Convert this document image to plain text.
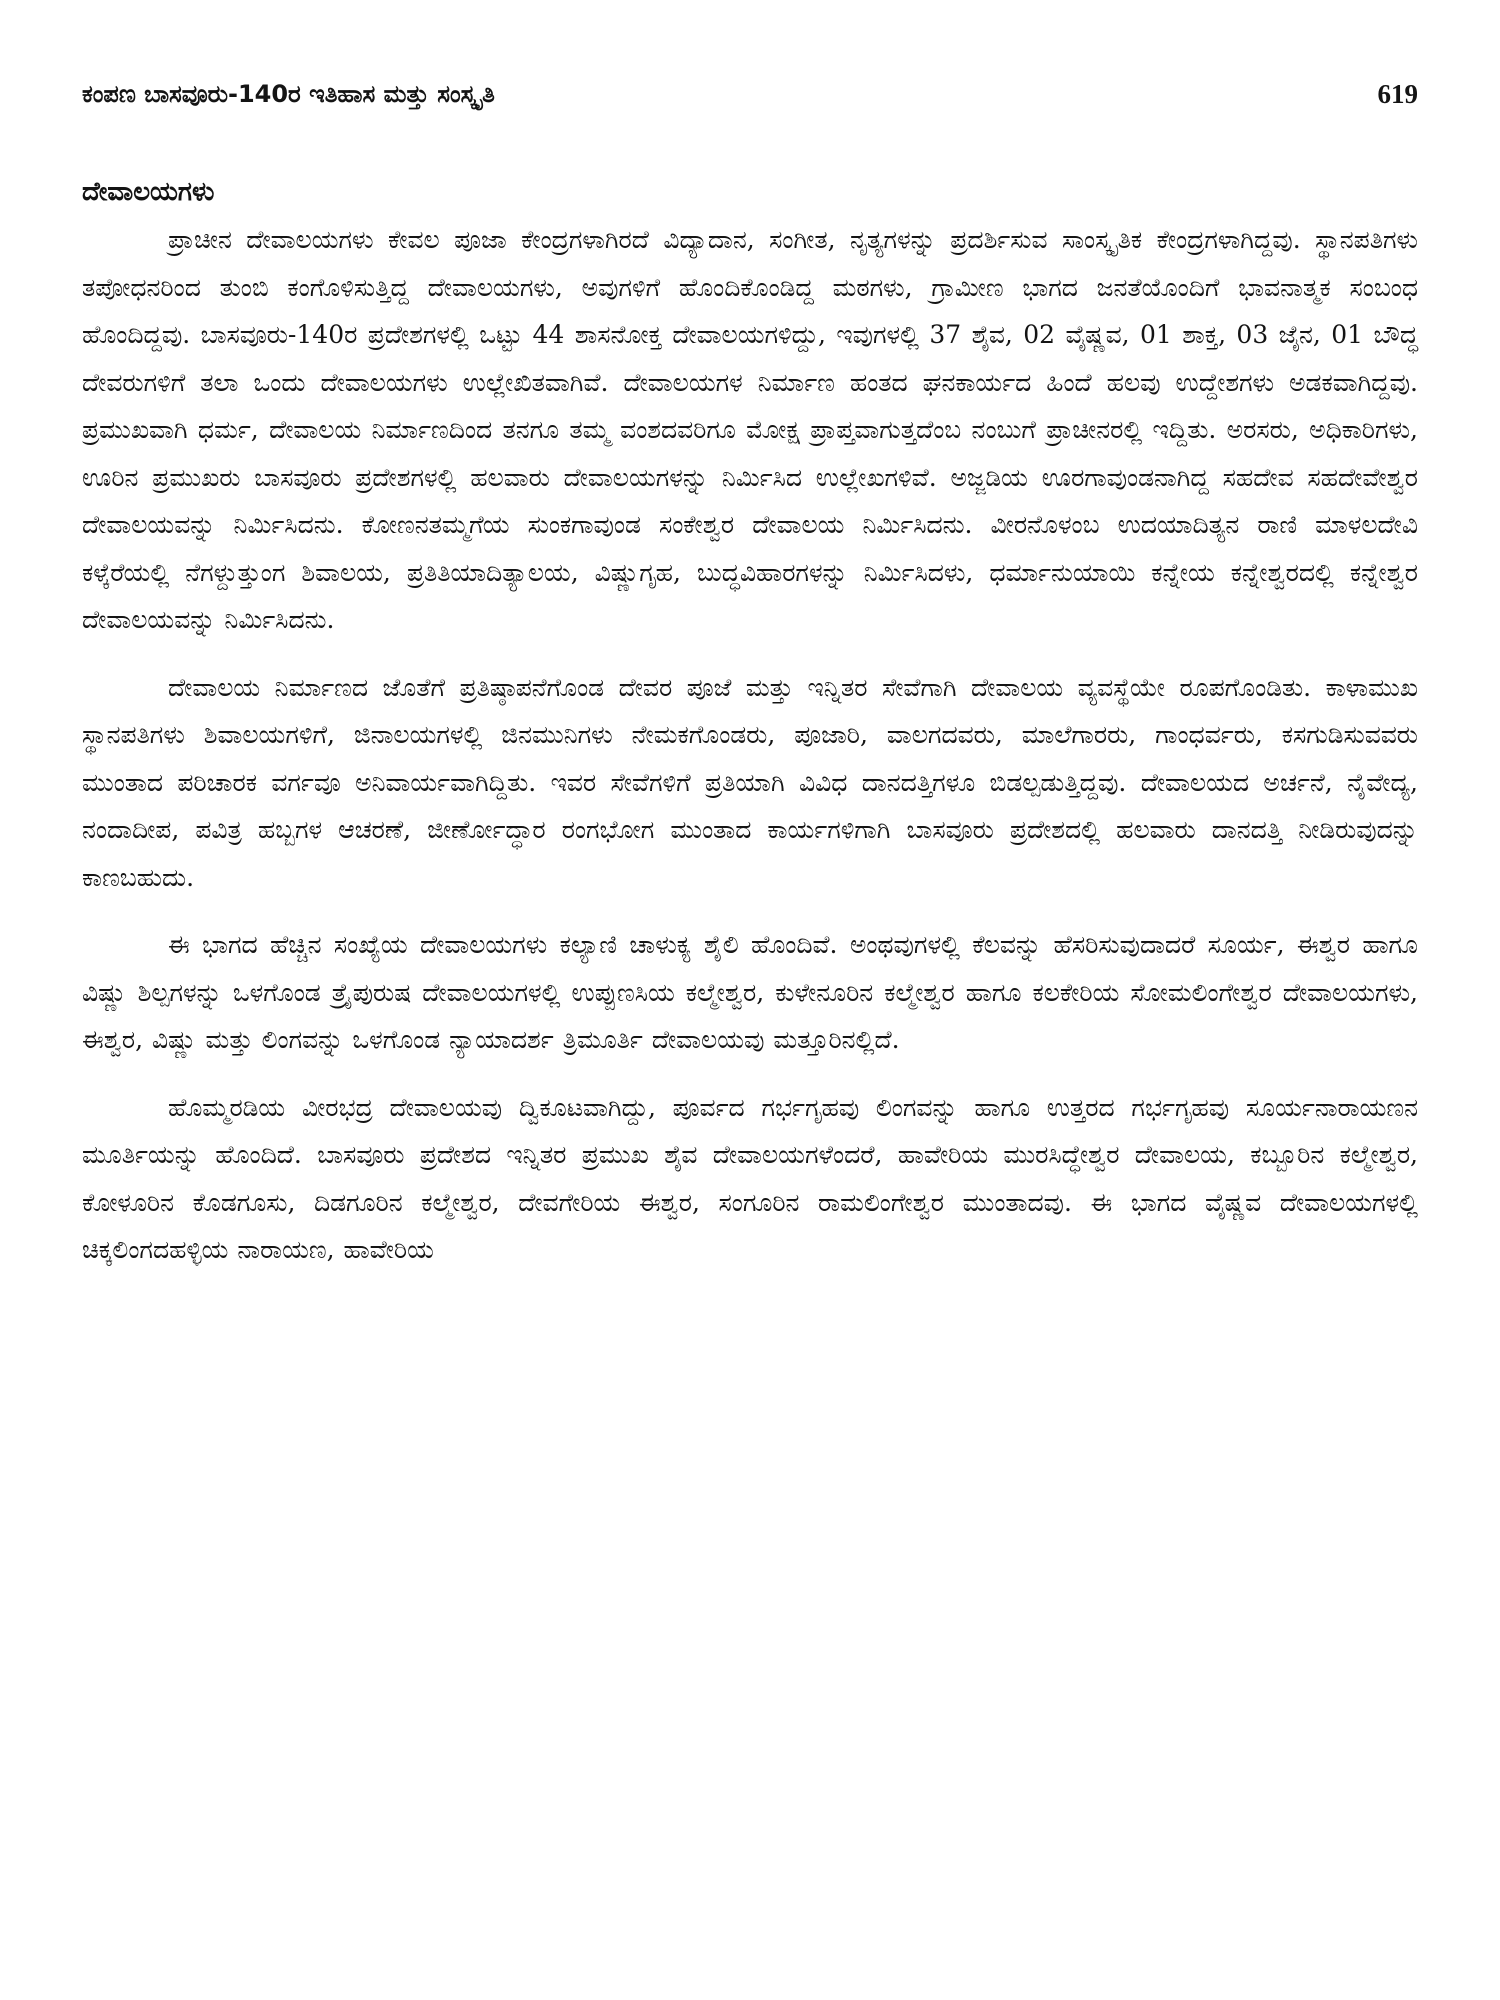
ಕಂಪಣ ಬಾಸವೂರು-140ರ ಇತಿಹಾಸ ಮತ್ತು ಸಂಸ್ಕೃತಿ	619
ದೇವಾಲಯಗಳು

ಪ್ರಾಚೀನ ದೇವಾಲಯಗಳು ಕೇವಲ ಪೂಜಾ ಕೇಂದ್ರಗಳಾಗಿರದೆ ವಿದ್ಯಾದಾನ, ಸಂಗೀತ, ನೃತ್ಯಗಳನ್ನು ಪ್ರದರ್ಶಿಸುವ ಸಾಂಸ್ಕೃತಿಕ ಕೇಂದ್ರಗಳಾಗಿದ್ದವು. ಸ್ಥಾನಪತಿಗಳು ತಪೋಧನರಿಂದ ತುಂಬಿ ಕಂಗೊಳಿಸುತ್ತಿದ್ದ ದೇವಾಲಯಗಳು, ಅವುಗಳಿಗೆ ಹೊಂದಿಕೊಂಡಿದ್ದ ಮಠಗಳು, ಗ್ರಾಮೀಣ ಭಾಗದ ಜನತೆಯೊಂದಿಗೆ ಭಾವನಾತ್ಮಕ ಸಂಬಂಧ ಹೊಂದಿದ್ದವು. ಬಾಸವೂರು-140ರ ಪ್ರದೇಶಗಳಲ್ಲಿ ಒಟ್ಟು 44 ಶಾಸನೋಕ್ತ ದೇವಾಲಯಗಳಿದ್ದು, ಇವುಗಳಲ್ಲಿ 37 ಶೈವ, 02 ವೈಷ್ಣವ, 01 ಶಾಕ್ತ, 03 ಜೈನ, 01 ಬೌದ್ಧ ದೇವರುಗಳಿಗೆ ತಲಾ ಒಂದು ದೇವಾಲಯಗಳು ಉಲ್ಲೇಖಿತವಾಗಿವೆ. ದೇವಾಲಯಗಳ ನಿರ್ಮಾಣ ಹಂತದ ಘನಕಾರ್ಯದ ಹಿಂದೆ ಹಲವು ಉದ್ದೇಶಗಳು ಅಡಕವಾಗಿದ್ದವು. ಪ್ರಮುಖವಾಗಿ ಧರ್ಮ, ದೇವಾಲಯ ನಿರ್ಮಾಣದಿಂದ ತನಗೂ ತಮ್ಮ ವಂಶದವರಿಗೂ ಮೋಕ್ಷ ಪ್ರಾಪ್ತವಾಗುತ್ತದೆಂಬ ನಂಬುಗೆ ಪ್ರಾಚೀನರಲ್ಲಿ ಇದ್ದಿತು. ಅರಸರು, ಅಧಿಕಾರಿಗಳು, ಊರಿನ ಪ್ರಮುಖರು ಬಾಸವೂರು ಪ್ರದೇಶಗಳಲ್ಲಿ ಹಲವಾರು ದೇವಾಲಯಗಳನ್ನು ನಿರ್ಮಿಸಿದ ಉಲ್ಲೇಖಗಳಿವೆ. ಅಜ್ಜಡಿಯ ಊರಗಾವುಂಡನಾಗಿದ್ದ ಸಹದೇವ ಸಹದೇವೇಶ್ವರ ದೇವಾಲಯವನ್ನು ನಿರ್ಮಿಸಿದನು. ಕೋಣನತಮ್ಮಗೆಯ ಸುಂಕಗಾವುಂಡ ಸಂಕೇಶ್ವರ ದೇವಾಲಯ ನಿರ್ಮಿಸಿದನು. ವೀರನೊಳಂಬ ಉದಯಾದಿತ್ಯನ ರಾಣಿ ಮಾಳಲದೇವಿ ಕಳ್ಕೆರೆಯಲ್ಲಿ ನೆಗಳ್ದುತ್ತುಂಗ ಶಿವಾಲಯ, ಪ್ರತಿತಿಯಾದಿತ್ಯಾಲಯ, ವಿಷ್ಣುಗೃಹ, ಬುದ್ಧವಿಹಾರಗಳನ್ನು ನಿರ್ಮಿಸಿದಳು, ಧರ್ಮಾನುಯಾಯಿ ಕನ್ನೇಯ ಕನ್ನೇಶ್ವರದಲ್ಲಿ ಕನ್ನೇಶ್ವರ ದೇವಾಲಯವನ್ನು ನಿರ್ಮಿಸಿದನು.

ದೇವಾಲಯ ನಿರ್ಮಾಣದ ಜೊತೆಗೆ ಪ್ರತಿಷ್ಠಾಪನೆಗೊಂಡ ದೇವರ ಪೂಜೆ ಮತ್ತು ಇನ್ನಿತರ ಸೇವೆಗಾಗಿ ದೇವಾಲಯ ವ್ಯವಸ್ಥೆಯೇ ರೂಪಗೊಂಡಿತು. ಕಾಳಾಮುಖ ಸ್ಥಾನಪತಿಗಳು ಶಿವಾಲಯಗಳಿಗೆ, ಜಿನಾಲಯಗಳಲ್ಲಿ ಜಿನಮುನಿಗಳು ನೇಮಕಗೊಂಡರು, ಪೂಜಾರಿ, ವಾಲಗದವರು, ಮಾಲೆಗಾರರು, ಗಾಂಧರ್ವರು, ಕಸಗುಡಿಸುವವರು ಮುಂತಾದ ಪರಿಚಾರಕ ವರ್ಗವೂ ಅನಿವಾರ್ಯವಾಗಿದ್ದಿತು. ಇವರ ಸೇವೆಗಳಿಗೆ ಪ್ರತಿಯಾಗಿ ವಿವಿಧ ದಾನದತ್ತಿಗಳೂ ಬಿಡಲ್ಪಡುತ್ತಿದ್ದವು. ದೇವಾಲಯದ ಅರ್ಚನೆ, ನೈವೇದ್ಯ, ನಂದಾದೀಪ, ಪವಿತ್ರ ಹಬ್ಬಗಳ ಆಚರಣೆ, ಜೀರ್ಣೋದ್ಧಾರ ರಂಗಭೋಗ ಮುಂತಾದ ಕಾರ್ಯಗಳಿಗಾಗಿ ಬಾಸವೂರು ಪ್ರದೇಶದಲ್ಲಿ ಹಲವಾರು ದಾನದತ್ತಿ ನೀಡಿರುವುದನ್ನು ಕಾಣಬಹುದು.

ಈ ಭಾಗದ ಹೆಚ್ಚಿನ ಸಂಖ್ಯೆಯ ದೇವಾಲಯಗಳು ಕಲ್ಯಾಣಿ ಚಾಳುಕ್ಯ ಶೈಲಿ ಹೊಂದಿವೆ. ಅಂಥವುಗಳಲ್ಲಿ ಕೆಲವನ್ನು ಹೆಸರಿಸುವುದಾದರೆ ಸೂರ್ಯ, ಈಶ್ವರ ಹಾಗೂ ವಿಷ್ಣು ಶಿಲ್ಪಗಳನ್ನು ಒಳಗೊಂಡ ತ್ರೈಪುರುಷ ದೇವಾಲಯಗಳಲ್ಲಿ ಉಪ್ಪುಣಸಿಯ ಕಲ್ಮೇಶ್ವರ, ಕುಳೇನೂರಿನ ಕಲ್ಮೇಶ್ವರ ಹಾಗೂ ಕಲಕೇರಿಯ ಸೋಮಲಿಂಗೇಶ್ವರ ದೇವಾಲಯಗಳು, ಈಶ್ವರ, ವಿಷ್ಣು ಮತ್ತು ಲಿಂಗವನ್ನು ಒಳಗೊಂಡ ನ್ಯಾಯಾದರ್ಶ ತ್ರಿಮೂರ್ತಿ ದೇವಾಲಯವು ಮತ್ತೂರಿನಲ್ಲಿದೆ.

ಹೊಮ್ಮರಡಿಯ ವೀರಭದ್ರ ದೇವಾಲಯವು ದ್ವಿಕೂಟವಾಗಿದ್ದು, ಪೂರ್ವದ ಗರ್ಭಗೃಹವು ಲಿಂಗವನ್ನು ಹಾಗೂ ಉತ್ತರದ ಗರ್ಭಗೃಹವು ಸೂರ್ಯನಾರಾಯಣನ ಮೂರ್ತಿಯನ್ನು ಹೊಂದಿದೆ. ಬಾಸವೂರು ಪ್ರದೇಶದ ಇನ್ನಿತರ ಪ್ರಮುಖ ಶೈವ ದೇವಾಲಯಗಳೆಂದರೆ, ಹಾವೇರಿಯ ಮುರಸಿದ್ಧೇಶ್ವರ ದೇವಾಲಯ, ಕಬ್ಬೂರಿನ ಕಲ್ಮೇಶ್ವರ, ಕೋಳೂರಿನ ಕೊಡಗೂಸು, ದಿಡಗೂರಿನ ಕಲ್ಮೇಶ್ವರ, ದೇವಗೇರಿಯ ಈಶ್ವರ, ಸಂಗೂರಿನ ರಾಮಲಿಂಗೇಶ್ವರ ಮುಂತಾದವು. ಈ ಭಾಗದ ವೈಷ್ಣವ ದೇವಾಲಯಗಳಲ್ಲಿ ಚಿಕ್ಕಲಿಂಗದಹಳ್ಳಿಯ ನಾರಾಯಣ, ಹಾವೇರಿಯ
